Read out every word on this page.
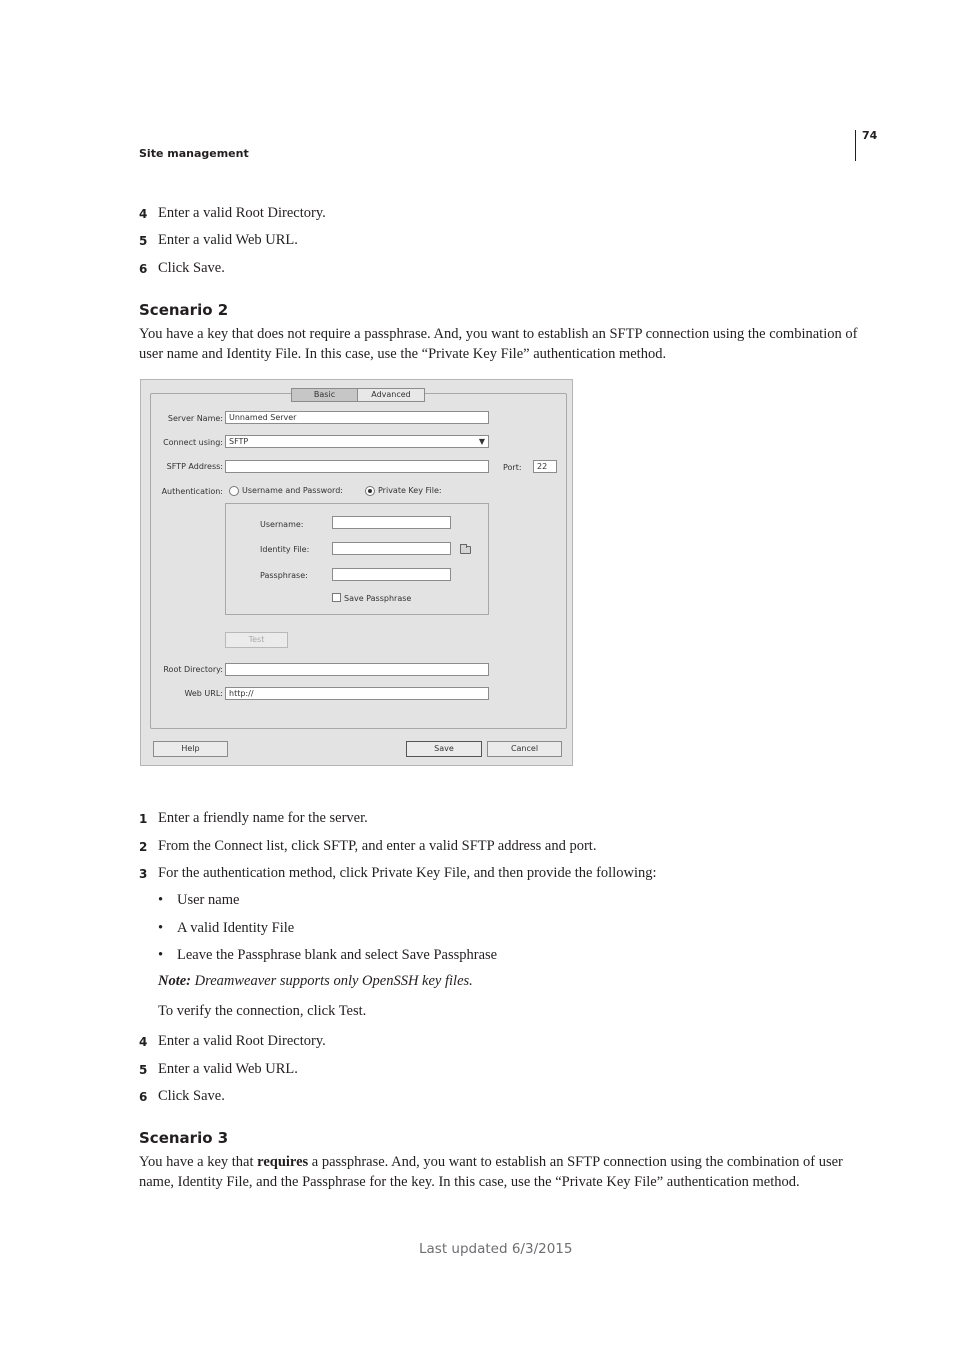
Site management
74
4 Enter a valid Root Directory.
5 Enter a valid Web URL.
6 Click Save.
Scenario 2
You have a key that does not require a passphrase. And, you want to establish an SFTP connection using the combination of user name and Identity File. In this case, use the “Private Key File” authentication method.
Basic	Advanced
Server Name: Unnamed Server
Connect using: SFTP	▼
SFTP Address:	Port:	22
Authentication: Username and Password:	Private Key File:
Username:
Identity File:
Passphrase:
Save Passphrase
Test
Root Directory:
Web URL: http://
Help	Save	Cancel
1 Enter a friendly name for the server.
2 From the Connect list, click SFTP, and enter a valid SFTP address and port.
3 For the authentication method, click Private Key File, and then provide the following:
• User name
• A valid Identity File
• Leave the Passphrase blank and select Save Passphrase
Note: Dreamweaver supports only OpenSSH key files.
To verify the connection, click Test.
4 Enter a valid Root Directory.
5 Enter a valid Web URL.
6 Click Save.
Scenario 3
You have a key that requires a passphrase. And, you want to establish an SFTP connection using the combination of user name, Identity File, and the Passphrase for the key. In this case, use the “Private Key File” authentication method.
Last updated 6/3/2015
